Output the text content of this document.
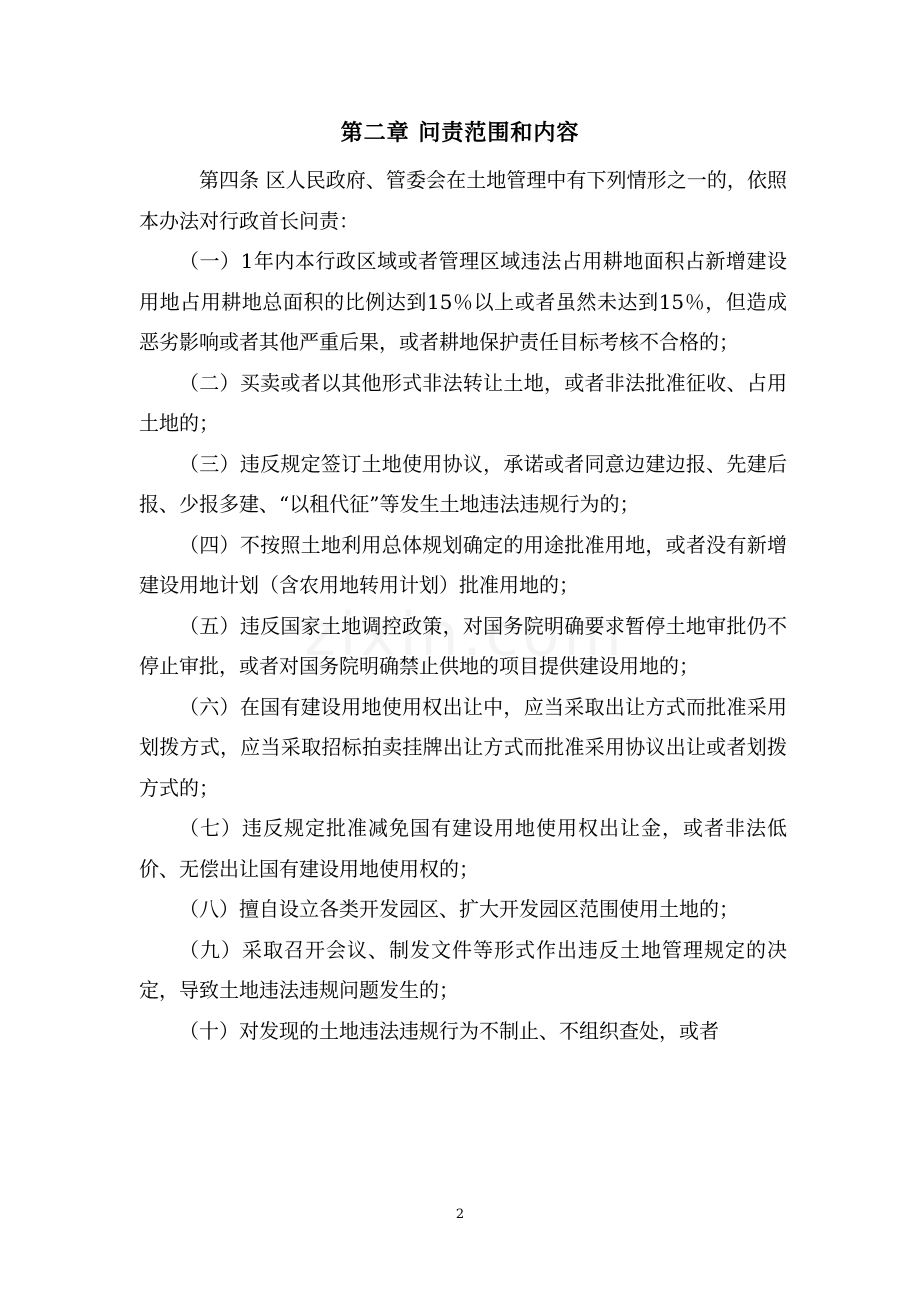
第二章 问责范围和内容

第四条 区人民政府、管委会在土地管理中有下列情形之一的，依照本办法对行政首长问责：

（一）1年内本行政区域或者管理区域违法占用耕地面积占新增建设用地占用耕地总面积的比例达到15％以上或者虽然未达到15％，但造成恶劣影响或者其他严重后果，或者耕地保护责任目标考核不合格的；

（二）买卖或者以其他形式非法转让土地，或者非法批准征收、占用土地的；

（三）违反规定签订土地使用协议，承诺或者同意边建边报、先建后报、少报多建、“以租代征”等发生土地违法违规行为的；

（四）不按照土地利用总体规划确定的用途批准用地，或者没有新增建设用地计划（含农用地转用计划）批准用地的；

（五）违反国家土地调控政策，对国务院明确要求暂停土地审批仍不停止审批，或者对国务院明确禁止供地的项目提供建设用地的；

（六）在国有建设用地使用权出让中，应当采取出让方式而批准采用划拨方式，应当采取招标拍卖挂牌出让方式而批准采用协议出让或者划拨方式的；

（七）违反规定批准减免国有建设用地使用权出让金，或者非法低价、无偿出让国有建设用地使用权的；

（八）擅自设立各类开发园区、扩大开发园区范围使用土地的；

（九）采取召开会议、制发文件等形式作出违反土地管理规定的决定，导致土地违法违规问题发生的；

（十）对发现的土地违法违规行为不制止、不组织查处，或者

2
